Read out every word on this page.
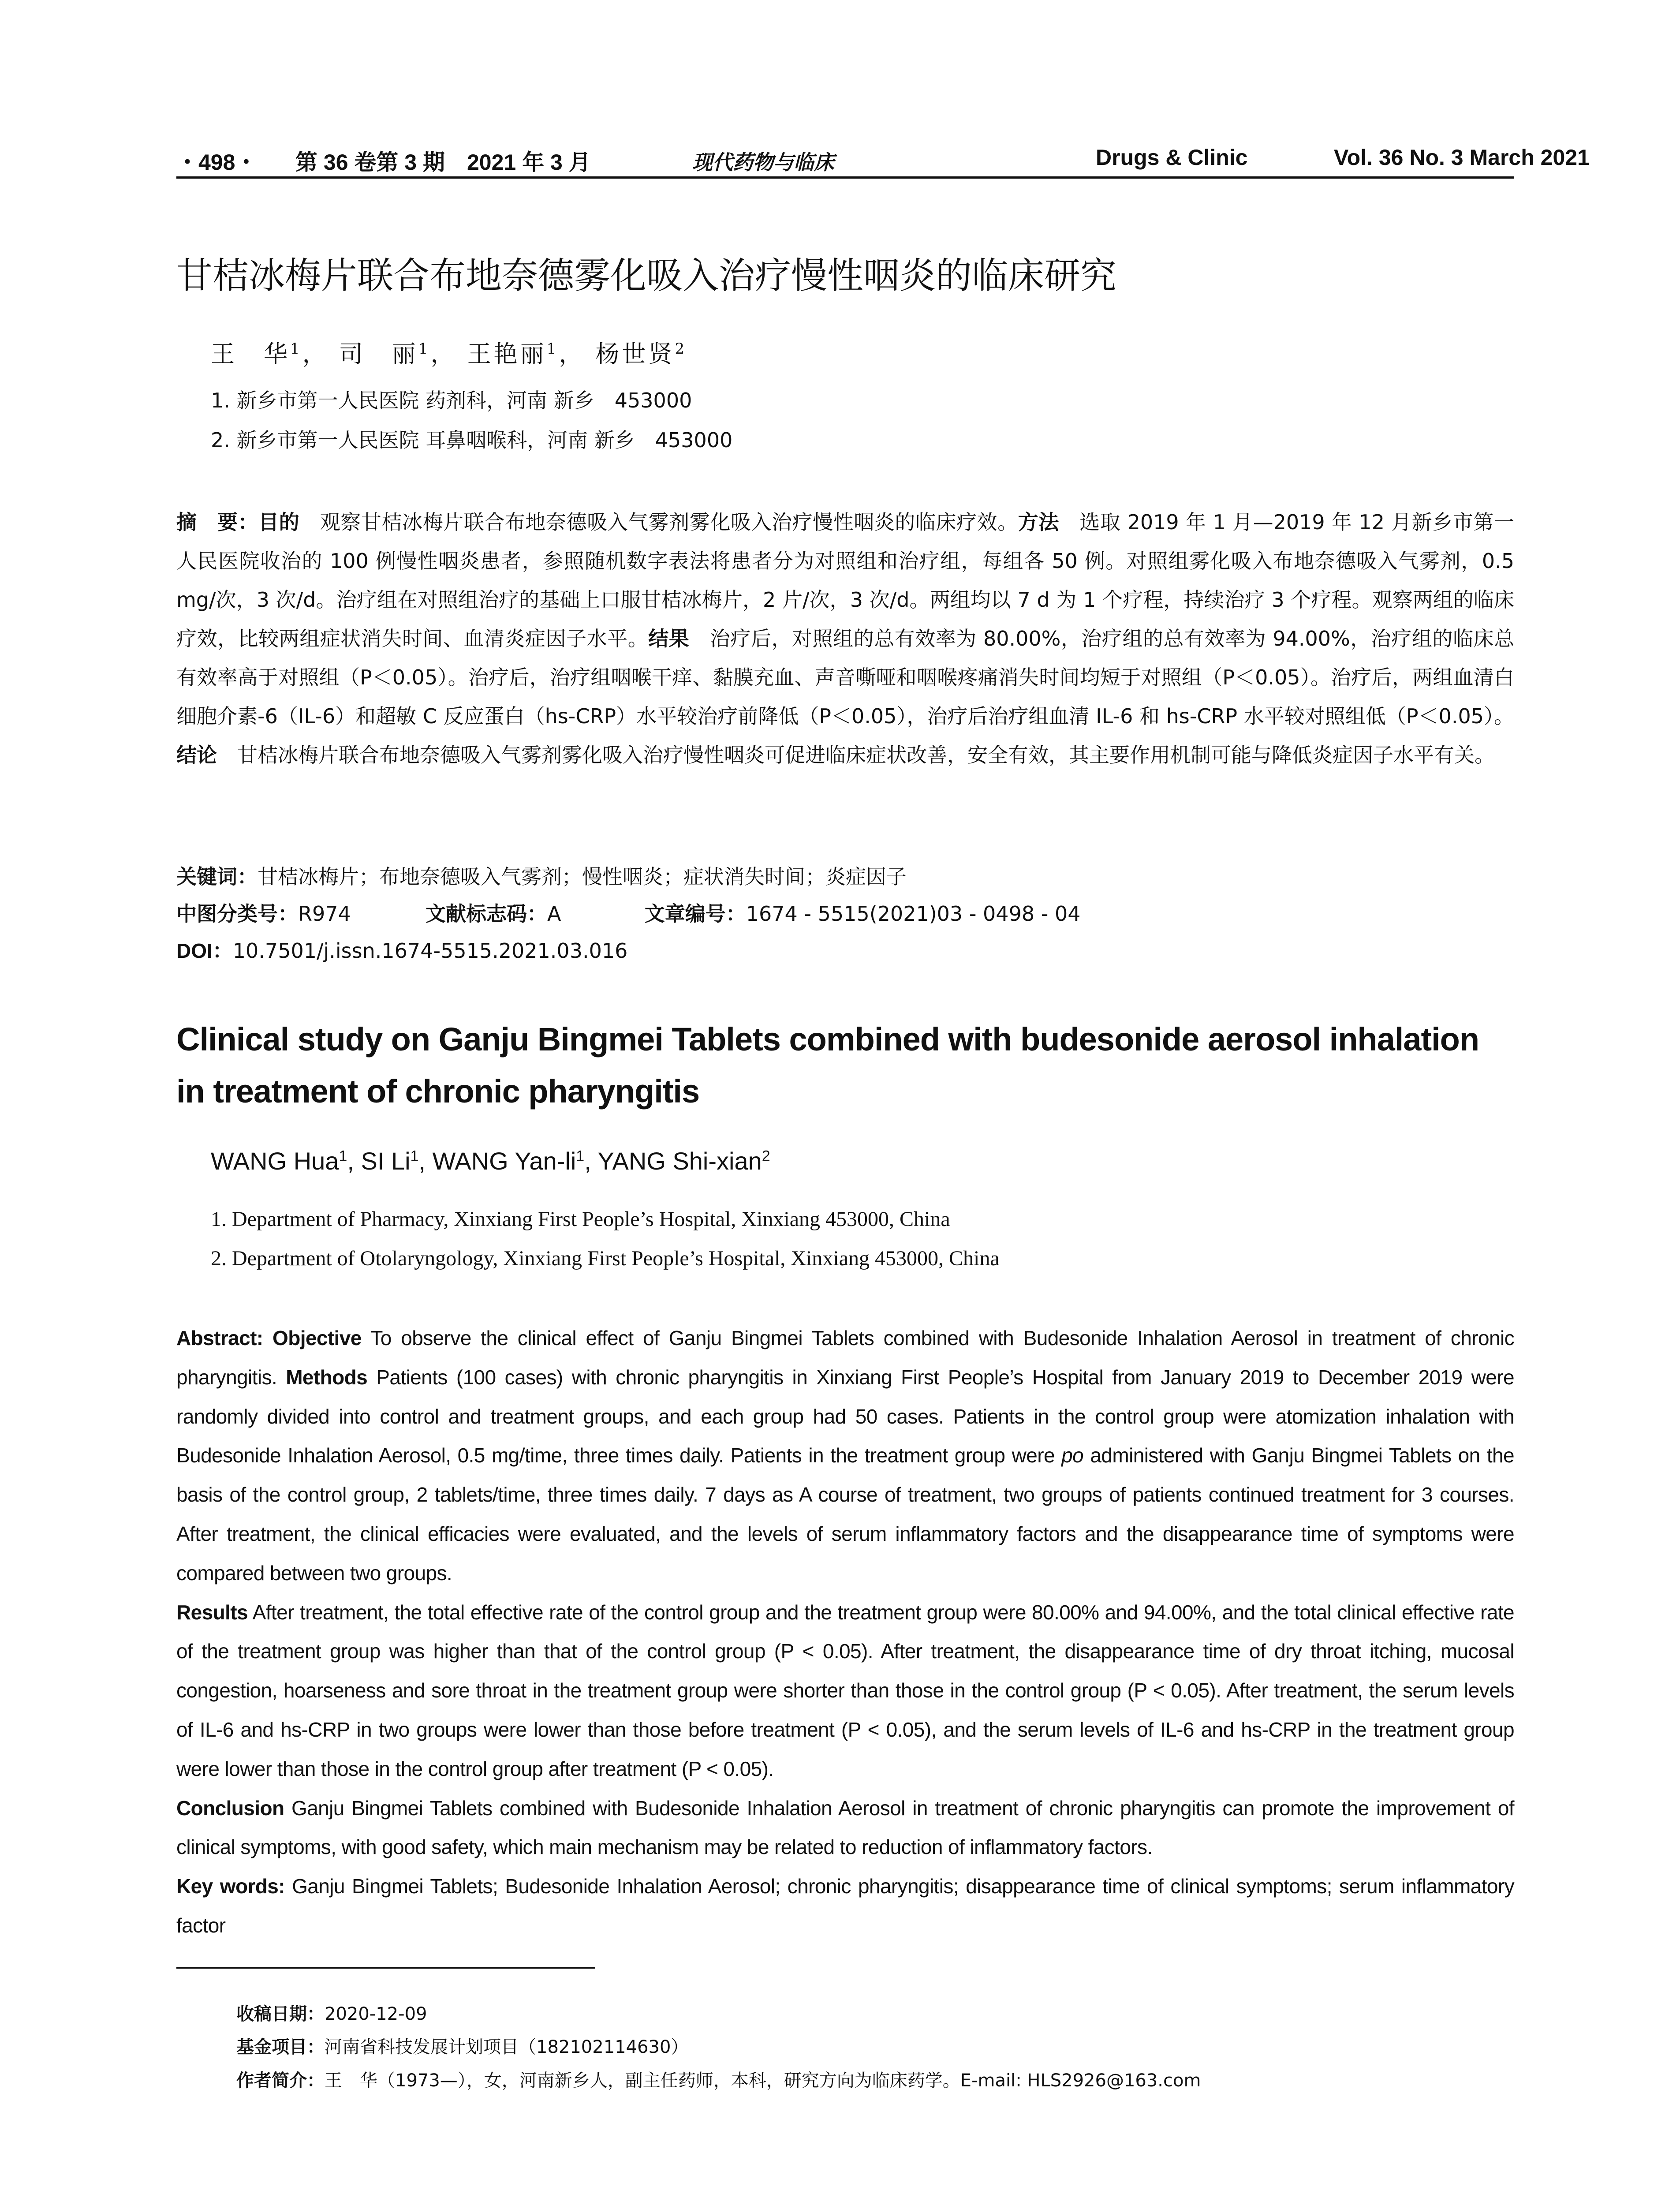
・498・ 第 36 卷第 3 期　2021 年 3 月	现代药物与临床	Drugs & Clinic	Vol. 36 No. 3 March 2021
甘桔冰梅片联合布地奈德雾化吸入治疗慢性咽炎的临床研究
王　华$^1$， 司　丽$^1$， 王艳丽$^1$， 杨世贤$^2$
1. 新乡市第一人民医院 药剂科，河南 新乡　453000
2. 新乡市第一人民医院 耳鼻咽喉科，河南 新乡　453000
摘　要：目的　观察甘桔冰梅片联合布地奈德吸入气雾剂雾化吸入治疗慢性咽炎的临床疗效。方法　选取 2019 年 1 月—2019 年 12 月新乡市第一人民医院收治的 100 例慢性咽炎患者，参照随机数字表法将患者分为对照组和治疗组，每组各 50 例。对照组雾化吸入布地奈德吸入气雾剂，0.5 mg/次，3 次/d。治疗组在对照组治疗的基础上口服甘桔冰梅片，2 片/次，3 次/d。两组均以 7 d 为 1 个疗程，持续治疗 3 个疗程。观察两组的临床疗效，比较两组症状消失时间、血清炎症因子水平。结果　治疗后，对照组的总有效率为 80.00%，治疗组的总有效率为 94.00%，治疗组的临床总有效率高于对照组（P＜0.05）。治疗后，治疗组咽喉干痒、黏膜充血、声音嘶哑和咽喉疼痛消失时间均短于对照组（P＜0.05）。治疗后，两组血清白细胞介素-6（IL-6）和超敏 C 反应蛋白（hs-CRP）水平较治疗前降低（P＜0.05），治疗后治疗组血清 IL-6 和 hs-CRP 水平较对照组低（P＜0.05）。结论　甘桔冰梅片联合布地奈德吸入气雾剂雾化吸入治疗慢性咽炎可促进临床症状改善，安全有效，其主要作用机制可能与降低炎症因子水平有关。
关键词：甘桔冰梅片；布地奈德吸入气雾剂；慢性咽炎；症状消失时间；炎症因子
中图分类号：R974	文献标志码：A	文章编号：1674 - 5515(2021)03 - 0498 - 04
DOI：10.7501/j.issn.1674-5515.2021.03.016
Clinical study on Ganju Bingmei Tablets combined with budesonide aerosol inhalation in treatment of chronic pharyngitis
WANG Hua$^1$, SI Li$^1$, WANG Yan-$li^1$, YANG Shi-xian$^2$
1. Department of Pharmacy, Xinxiang First People’s Hospital, Xinxiang 453000, China
2. Department of Otolaryngology, Xinxiang First People’s Hospital, Xinxiang 453000, China
Abstract: Objective To observe the clinical effect of Ganju Bingmei Tablets combined with Budesonide Inhalation Aerosol in treatment of chronic pharyngitis. Methods Patients (100 cases) with chronic pharyngitis in Xinxiang First People’s Hospital from January 2019 to December 2019 were randomly divided into control and treatment groups, and each group had 50 cases. Patients in the control group were atomization inhalation with Budesonide Inhalation Aerosol, 0.5 mg/time, three times daily. Patients in the treatment group were po administered with Ganju Bingmei Tablets on the basis of the control group, 2 tablets/time, three times daily. 7 days as A course of treatment, two groups of patients continued treatment for 3 courses. After treatment, the clinical efficacies were evaluated, and the levels of serum inflammatory factors and the disappearance time of symptoms were compared between two groups.
Results After treatment, the total effective rate of the control group and the treatment group were 80.00% and 94.00%, and the total clinical effective rate of the treatment group was higher than that of the control group (P < 0.05). After treatment, the disappearance time of dry throat itching, mucosal congestion, hoarseness and sore throat in the treatment group were shorter than those in the control group (P < 0.05). After treatment, the serum levels of IL-6 and hs-CRP in two groups were lower than those before treatment (P < 0.05), and the serum levels of IL-6 and hs-CRP in the treatment group were lower than those in the control group after treatment (P < 0.05).
Conclusion Ganju Bingmei Tablets combined with Budesonide Inhalation Aerosol in treatment of chronic pharyngitis can promote the improvement of clinical symptoms, with good safety, which main mechanism may be related to reduction of inflammatory factors.
Key words: Ganju Bingmei Tablets; Budesonide Inhalation Aerosol; chronic pharyngitis; disappearance time of clinical symptoms; serum inflammatory factor
收稿日期：2020-12-09
基金项目：河南省科技发展计划项目（182102114630）
作者简介：王　华（1973—），女，河南新乡人，副主任药师，本科，研究方向为临床药学。E-mail: HLS2926@163.com
